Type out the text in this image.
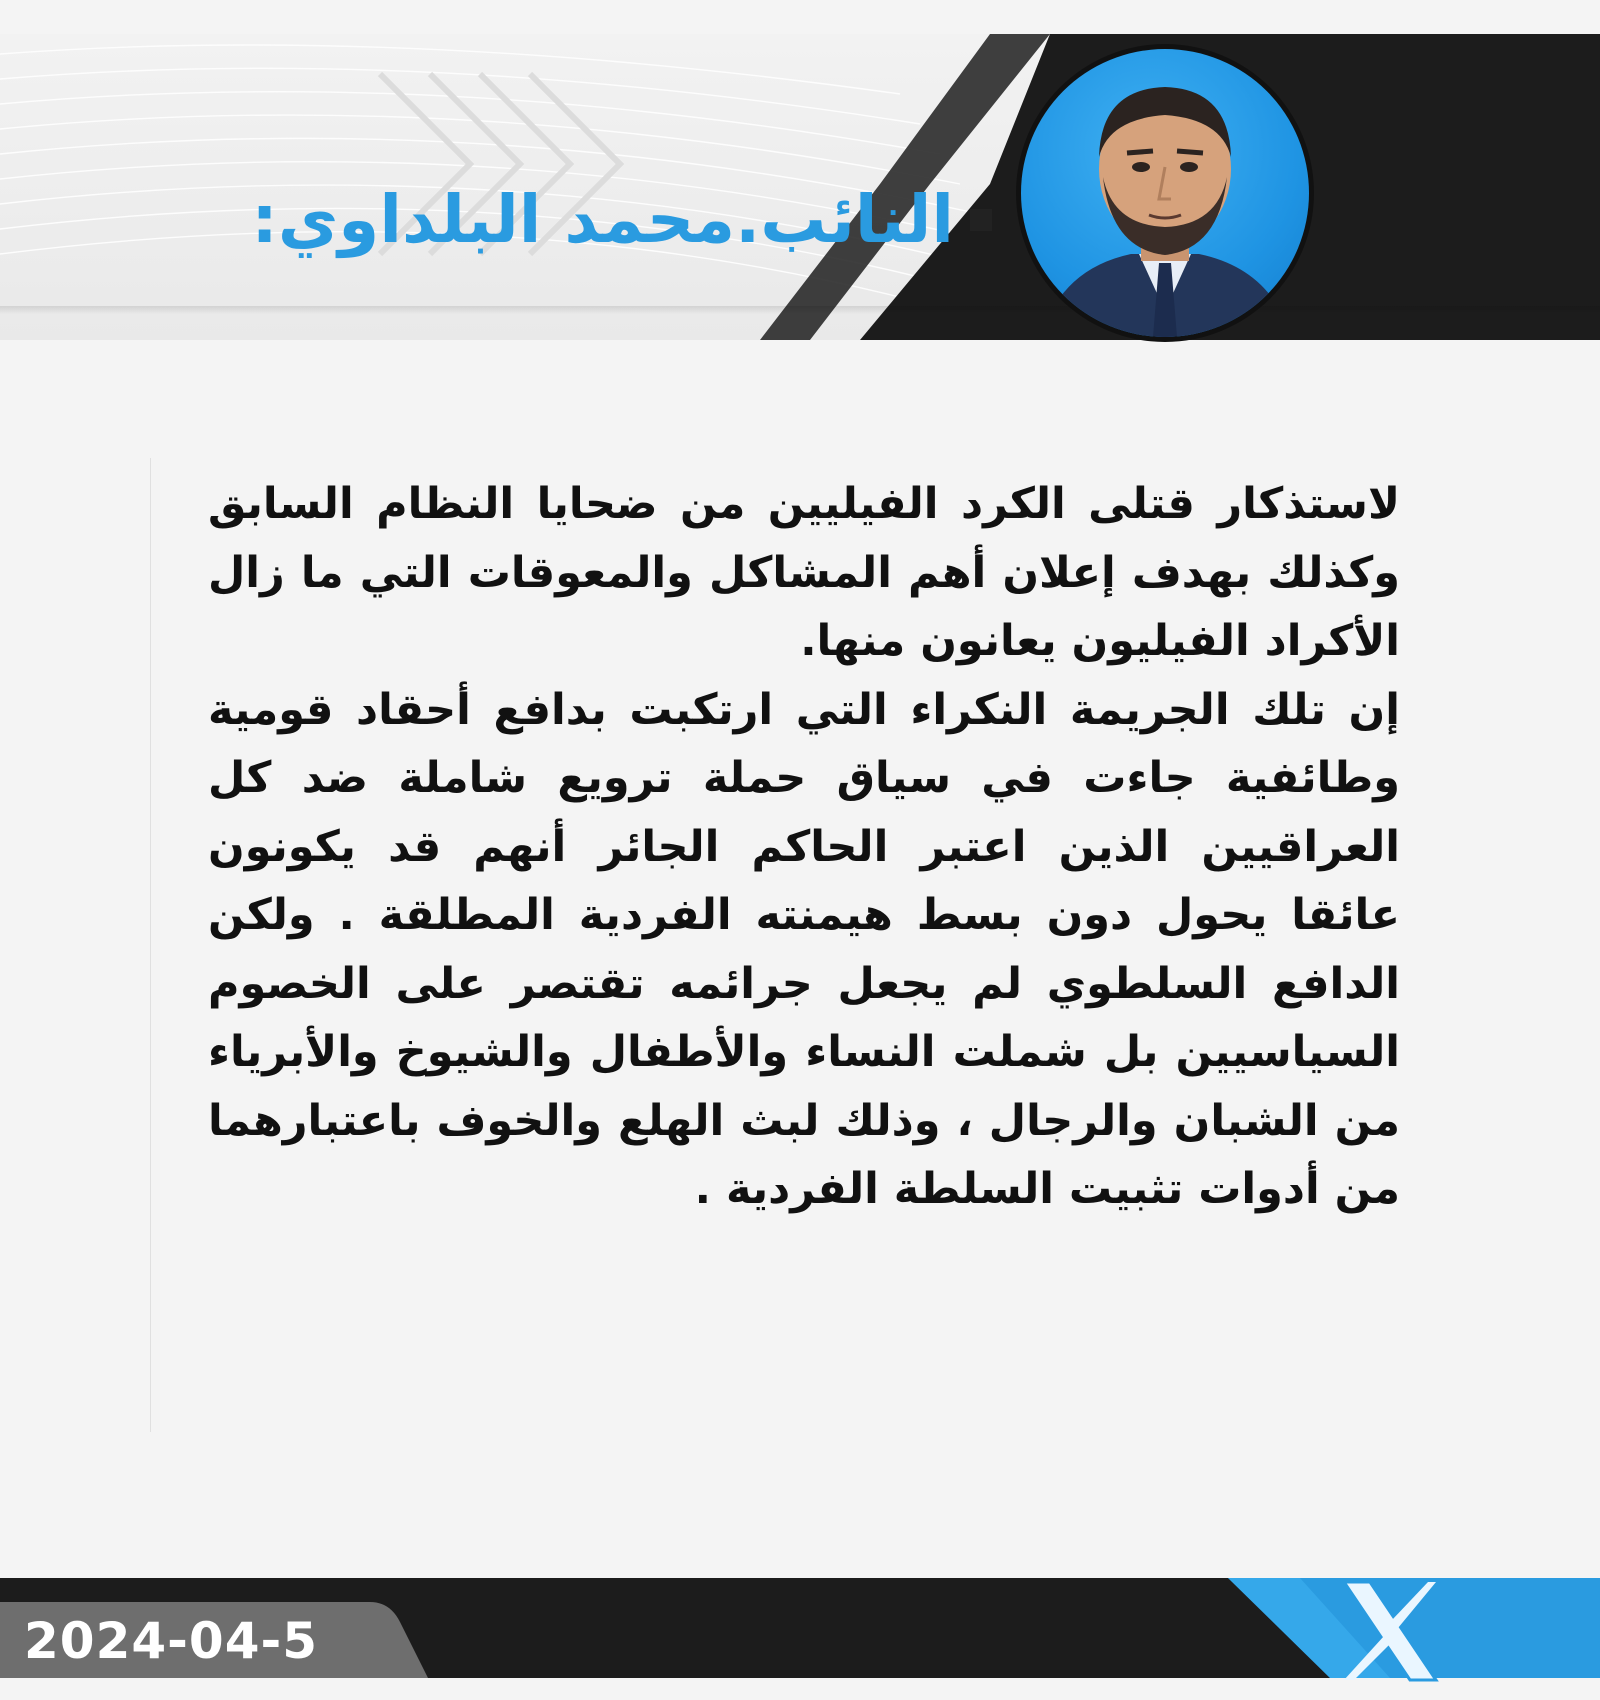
النائب.محمد البلداوي:

لاستذكار قتلى الكرد الفيليين من ضحايا النظام السابق وكذلك بهدف إعلان أهم المشاكل والمعوقات التي ما زال الأكراد الفيليون يعانون منها.

إن تلك الجريمة النكراء التي ارتكبت بدافع أحقاد قومية وطائفية جاءت في سياق حملة ترويع شاملة ضد كل العراقيين الذين اعتبر الحاكم الجائر أنهم قد يكونون عائقا يحول دون بسط هيمنته الفردية المطلقة . ولكن الدافع السلطوي لم يجعل جرائمه تقتصر على الخصوم السياسيين بل شملت النساء والأطفال والشيوخ والأبرياء من الشبان والرجال ، وذلك لبث الهلع والخوف باعتبارهما من أدوات تثبيت السلطة الفردية .

2024-04-5
